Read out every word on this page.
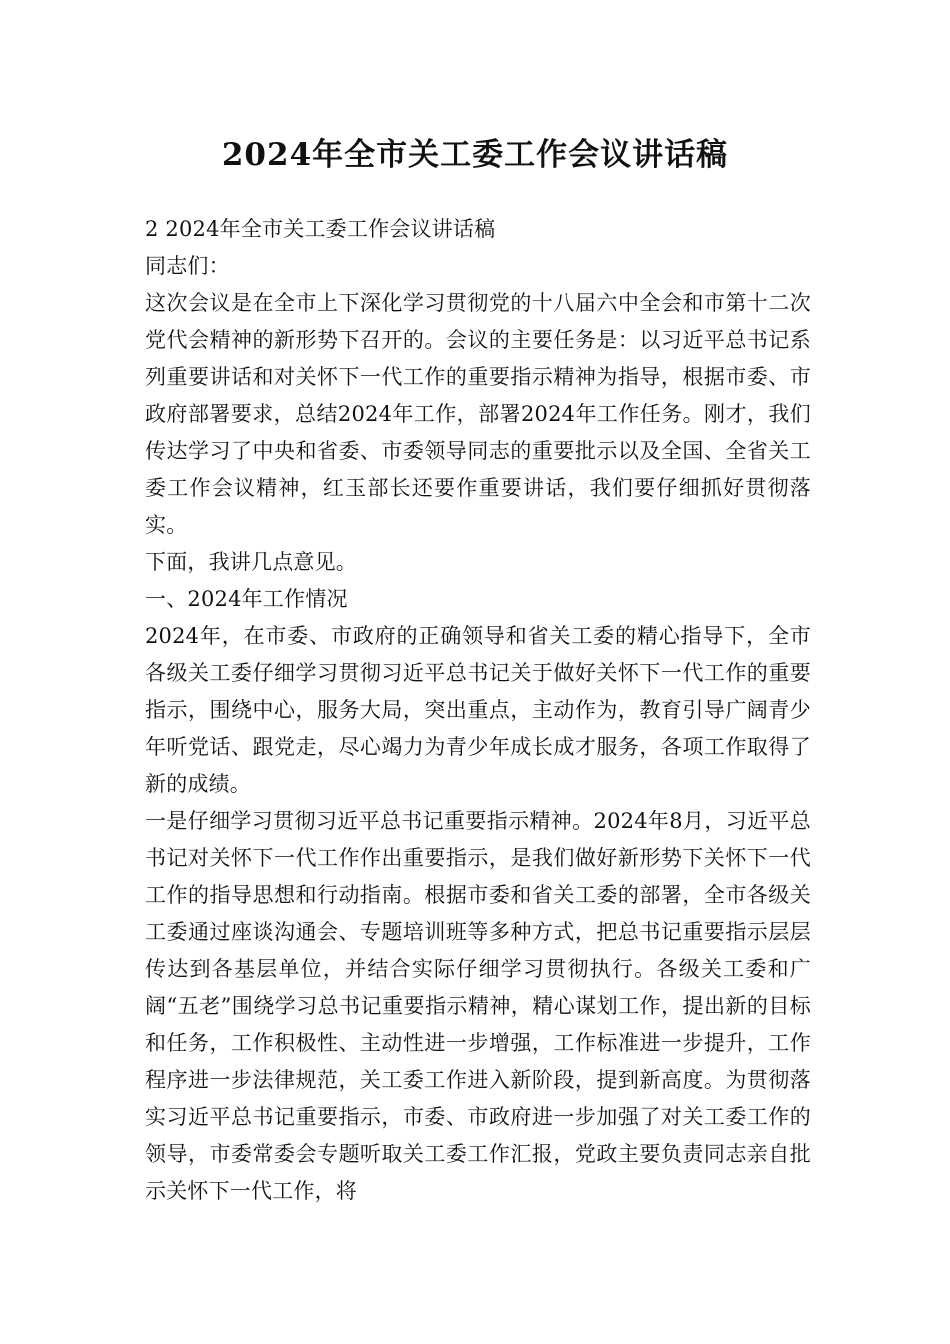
2024年全市关工委工作会议讲话稿

2 2024年全市关工委工作会议讲话稿

同志们：

这次会议是在全市上下深化学习贯彻党的十八届六中全会和市第十二次党代会精神的新形势下召开的。会议的主要任务是：以习近平总书记系列重要讲话和对关怀下一代工作的重要指示精神为指导，根据市委、市政府部署要求，总结2024年工作，部署2024年工作任务。刚才，我们传达学习了中央和省委、市委领导同志的重要批示以及全国、全省关工委工作会议精神，红玉部长还要作重要讲话，我们要仔细抓好贯彻落实。

下面，我讲几点意见。

一、2024年工作情况

2024年，在市委、市政府的正确领导和省关工委的精心指导下，全市各级关工委仔细学习贯彻习近平总书记关于做好关怀下一代工作的重要指示，围绕中心，服务大局，突出重点，主动作为，教育引导广阔青少年听党话、跟党走，尽心竭力为青少年成长成才服务，各项工作取得了新的成绩。

一是仔细学习贯彻习近平总书记重要指示精神。2024年8月，习近平总书记对关怀下一代工作作出重要指示，是我们做好新形势下关怀下一代工作的指导思想和行动指南。根据市委和省关工委的部署，全市各级关工委通过座谈沟通会、专题培训班等多种方式，把总书记重要指示层层传达到各基层单位，并结合实际仔细学习贯彻执行。各级关工委和广阔“五老”围绕学习总书记重要指示精神，精心谋划工作，提出新的目标和任务，工作积极性、主动性进一步增强，工作标准进一步提升，工作程序进一步法律规范，关工委工作进入新阶段，提到新高度。为贯彻落实习近平总书记重要指示，市委、市政府进一步加强了对关工委工作的领导，市委常委会专题听取关工委工作汇报，党政主要负责同志亲自批示关怀下一代工作，将
